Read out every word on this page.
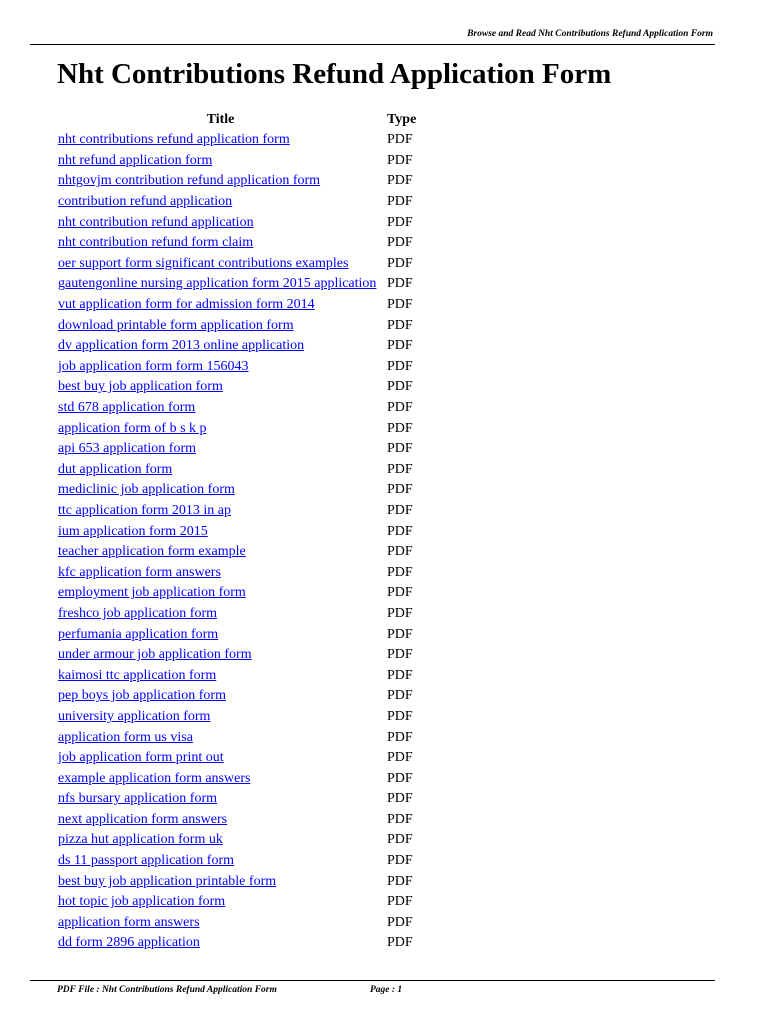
Browse and Read Nht Contributions Refund Application Form
Nht Contributions Refund Application Form
Title	Type
nht contributions refund application form	PDF
nht refund application form	PDF
nhtgovjm contribution refund application form	PDF
contribution refund application	PDF
nht contribution refund application	PDF
nht contribution refund form claim	PDF
oer support form significant contributions examples	PDF
gautengonline nursing application form 2015 application	PDF
vut application form for admission form 2014	PDF
download printable form application form	PDF
dv application form 2013 online application	PDF
job application form form 156043	PDF
best buy job application form	PDF
std 678 application form	PDF
application form of b s k p	PDF
api 653 application form	PDF
dut application form	PDF
mediclinic job application form	PDF
ttc application form 2013 in ap	PDF
ium application form 2015	PDF
teacher application form example	PDF
kfc application form answers	PDF
employment job application form	PDF
freshco job application form	PDF
perfumania application form	PDF
under armour job application form	PDF
kaimosi ttc application form	PDF
pep boys job application form	PDF
university application form	PDF
application form us visa	PDF
job application form print out	PDF
example application form answers	PDF
nfs bursary application form	PDF
next application form answers	PDF
pizza hut application form uk	PDF
ds 11 passport application form	PDF
best buy job application printable form	PDF
hot topic job application form	PDF
application form answers	PDF
dd form 2896 application	PDF
PDF File : Nht Contributions Refund Application Form	Page : 1
